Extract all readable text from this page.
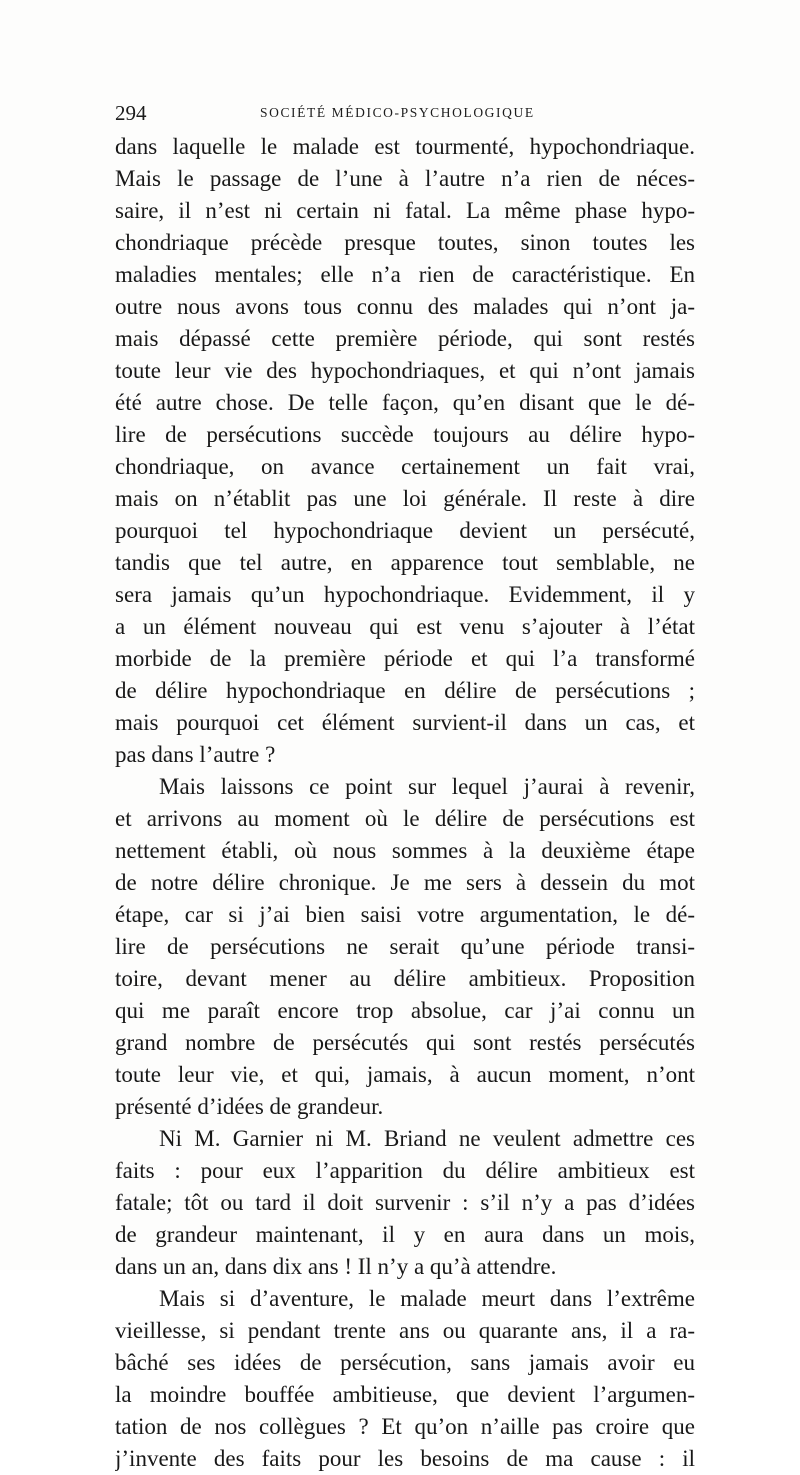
294	SOCIÉTÉ MÉDICO-PSYCHOLOGIQUE

dans laquelle le malade est tourmenté, hypochondriaque.

Mais le passage de l’une à l’autre n’a rien de néces-

saire, il n’est ni certain ni fatal. La même phase hypo-

chondriaque précède presque toutes, sinon toutes les

maladies mentales; elle n’a rien de caractéristique. En

outre nous avons tous connu des malades qui n’ont ja-

mais dépassé cette première période, qui sont restés

toute leur vie des hypochondriaques, et qui n’ont jamais

été autre chose. De telle façon, qu’en disant que le dé-

lire de persécutions succède toujours au délire hypo-

chondriaque, on avance certainement un fait vrai,

mais on n’établit pas une loi générale. Il reste à dire

pourquoi tel hypochondriaque devient un persécuté,

tandis que tel autre, en apparence tout semblable, ne

sera jamais qu’un hypochondriaque. Evidemment, il y

a un élément nouveau qui est venu s’ajouter à l’état

morbide de la première période et qui l’a transformé

de délire hypochondriaque en délire de persécutions ;

mais pourquoi cet élément survient-il dans un cas, et

pas dans l’autre ?

Mais laissons ce point sur lequel j’aurai à revenir,

et arrivons au moment où le délire de persécutions est

nettement établi, où nous sommes à la deuxième étape

de notre délire chronique. Je me sers à dessein du mot

étape, car si j’ai bien saisi votre argumentation, le dé-

lire de persécutions ne serait qu’une période transi-

toire, devant mener au délire ambitieux. Proposition

qui me paraît encore trop absolue, car j’ai connu un

grand nombre de persécutés qui sont restés persécutés

toute leur vie, et qui, jamais, à aucun moment, n’ont

présenté d’idées de grandeur.

Ni M. Garnier ni M. Briand ne veulent admettre ces

faits : pour eux l’apparition du délire ambitieux est

fatale; tôt ou tard il doit survenir : s’il n’y a pas d’idées

de grandeur maintenant, il y en aura dans un mois,

dans un an, dans dix ans ! Il n’y a qu’à attendre.

Mais si d’aventure, le malade meurt dans l’extrême

vieillesse, si pendant trente ans ou quarante ans, il a ra-

bâché ses idées de persécution, sans jamais avoir eu

la moindre bouffée ambitieuse, que devient l’argumen-

tation de nos collègues ? Et qu’on n’aille pas croire que

j’invente des faits pour les besoins de ma cause : il
